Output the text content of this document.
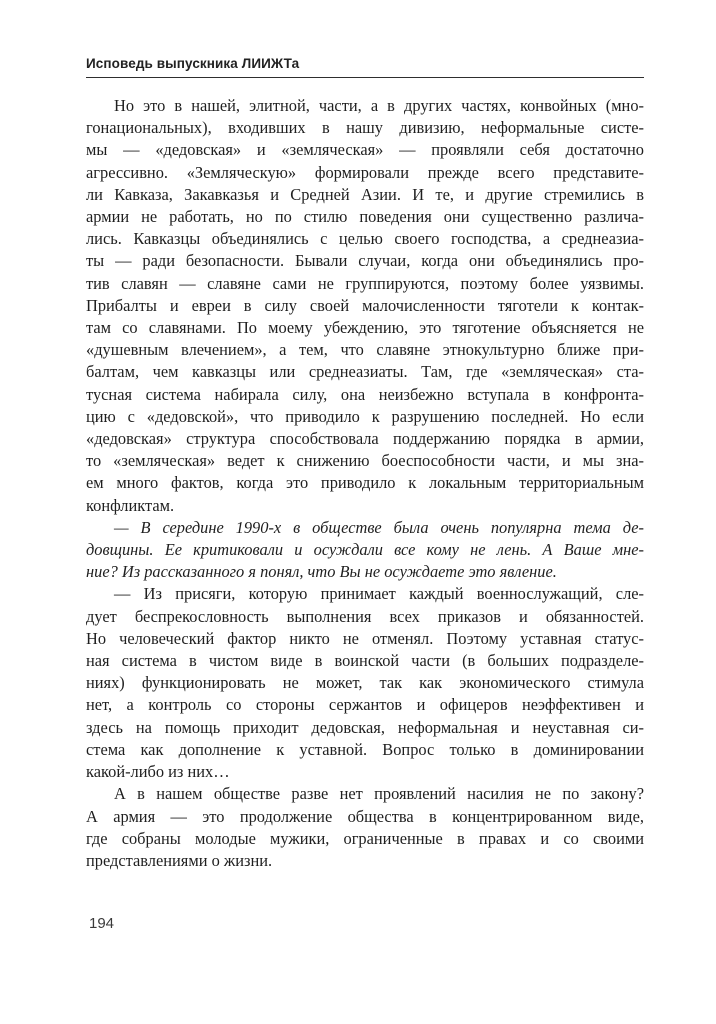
Исповедь выпускника ЛИИЖТа
Но это в нашей, элитной, части, а в других частях, конвойных (мно-
гонациональных), входивших в нашу дивизию, неформальные систе-
мы — «дедовская» и «земляческая» — проявляли себя достаточно
агрессивно. «Земляческую» формировали прежде всего представите-
ли Кавказа, Закавказья и Средней Азии. И те, и другие стремились в
армии не работать, но по стилю поведения они существенно различа-
лись. Кавказцы объединялись с целью своего господства, а среднеазиа-
ты — ради безопасности. Бывали случаи, когда они объединялись про-
тив славян — славяне сами не группируются, поэтому более уязвимы.
Прибалты и евреи в силу своей малочисленности тяготели к контак-
там со славянами. По моему убеждению, это тяготение объясняется не
«душевным влечением», а тем, что славяне этнокультурно ближе при-
балтам, чем кавказцы или среднеазиаты. Там, где «земляческая» ста-
тусная система набирала силу, она неизбежно вступала в конфронта-
цию с «дедовской», что приводило к разрушению последней. Но если
«дедовская» структура способствовала поддержанию порядка в армии,
то «земляческая» ведет к снижению боеспособности части, и мы зна-
ем много фактов, когда это приводило к локальным территориальным
конфликтам.
— В середине 1990-х в обществе была очень популярна тема де-
довщины. Ее критиковали и осуждали все кому не лень. А Ваше мне-
ние? Из рассказанного я понял, что Вы не осуждаете это явление.
— Из присяги, которую принимает каждый военнослужащий, сле-
дует беспрекословность выполнения всех приказов и обязанностей.
Но человеческий фактор никто не отменял. Поэтому уставная статус-
ная система в чистом виде в воинской части (в больших подразделе-
ниях) функционировать не может, так как экономического стимула
нет, а контроль со стороны сержантов и офицеров неэффективен и
здесь на помощь приходит дедовская, неформальная и неуставная си-
стема как дополнение к уставной. Вопрос только в доминировании
какой-либо из них…
А в нашем обществе разве нет проявлений насилия не по закону?
А армия — это продолжение общества в концентрированном виде,
где собраны молодые мужики, ограниченные в правах и со своими
представлениями о жизни.
194
